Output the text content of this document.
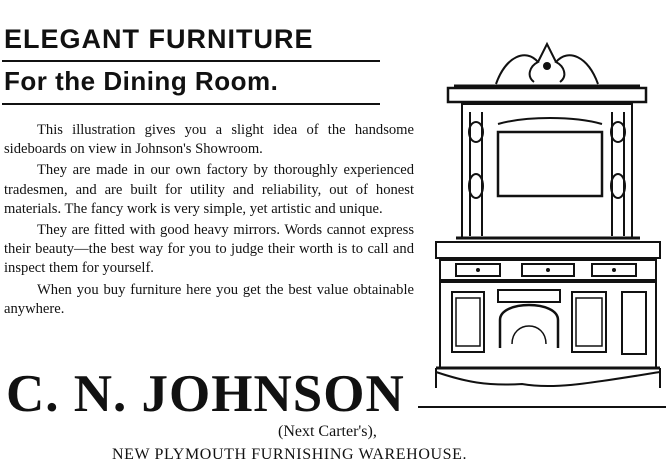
ELEGANT FURNITURE
For the Dining Room.

This illustration gives you a slight idea of the handsome sideboards on view in Johnson's Showroom.

They are made in our own factory by thoroughly experienced tradesmen, and are built for utility and reliability, out of honest materials. The fancy work is very simple, yet artistic and unique.

They are fitted with good heavy mirrors. Words cannot express their beauty—the best way for you to judge their worth is to call and inspect them for yourself.

When you buy furniture here you get the best value obtainable anywhere.

C. N. JOHNSON
(Next Carter's),
NEW PLYMOUTH FURNISHING WAREHOUSE.
